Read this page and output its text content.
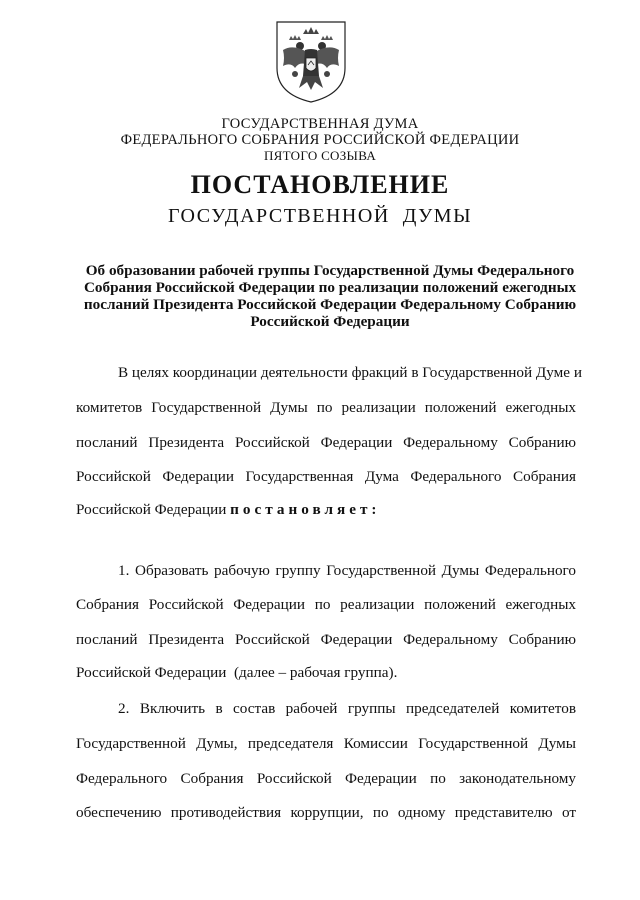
ГОСУДАРСТВЕННАЯ ДУМА
ФЕДЕРАЛЬНОГО СОБРАНИЯ РОССИЙСКОЙ ФЕДЕРАЦИИ
ПЯТОГО СОЗЫВА
ПОСТАНОВЛЕНИЕ
ГОСУДАРСТВЕННОЙ  ДУМЫ
Об образовании рабочей группы Государственной Думы Федерального
Собрания Российской Федерации по реализации положений ежегодных
посланий Президента Российской Федерации Федеральному Собранию
Российской Федерации
В целях координации деятельности фракций в Государственной Думе и
комитетов Государственной Думы по реализации положений ежегодных
посланий Президента Российской Федерации Федеральному Собранию
Российской Федерации Государственная Дума Федерального Собрания
Российской Федерации постановляет:
1. Образовать рабочую группу Государственной Думы Федерального
Собрания Российской Федерации по реализации положений ежегодных
посланий Президента Российской Федерации Федеральному Собранию
Российской Федерации  (далее – рабочая группа).
2. Включить в состав рабочей группы председателей комитетов
Государственной Думы, председателя Комиссии Государственной Думы
Федерального Собрания Российской Федерации по законодательному
обеспечению противодействия коррупции, по одному представителю от
